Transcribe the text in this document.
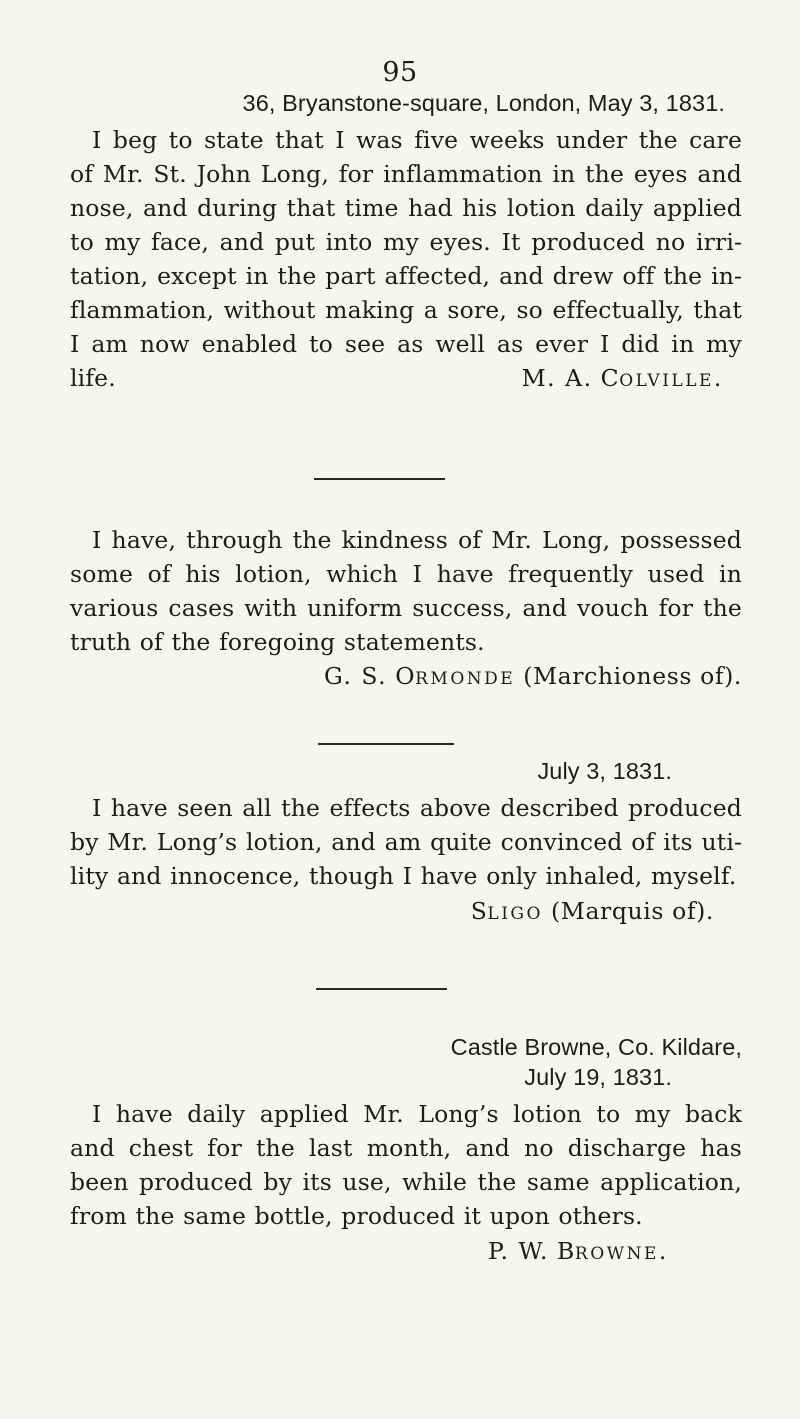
95
36, Bryanstone-square, London, May 3, 1831.

I beg to state that I was five weeks under the care of Mr. St. John Long, for inflammation in the eyes and nose, and during that time had his lotion daily applied to my face, and put into my eyes. It produced no irritation, except in the part affected, and drew off the inflammation, without making a sore, so effectually, that I am now enabled to see as well as ever I did in my life.	M. A. COLVILLE.

I have, through the kindness of Mr. Long, possessed some of his lotion, which I have frequently used in various cases with uniform success, and vouch for the truth of the foregoing statements.

G. S. ORMONDE (Marchioness of).
July 3, 1831.

I have seen all the effects above described produced by Mr. Long’s lotion, and am quite convinced of its utility and innocence, though I have only inhaled, myself.

SLIGO (Marquis of).
Castle Browne, Co. Kildare,
July 19, 1831.

I have daily applied Mr. Long’s lotion to my back and chest for the last month, and no discharge has been produced by its use, while the same application, from the same bottle, produced it upon others.

P. W. BROWNE.
